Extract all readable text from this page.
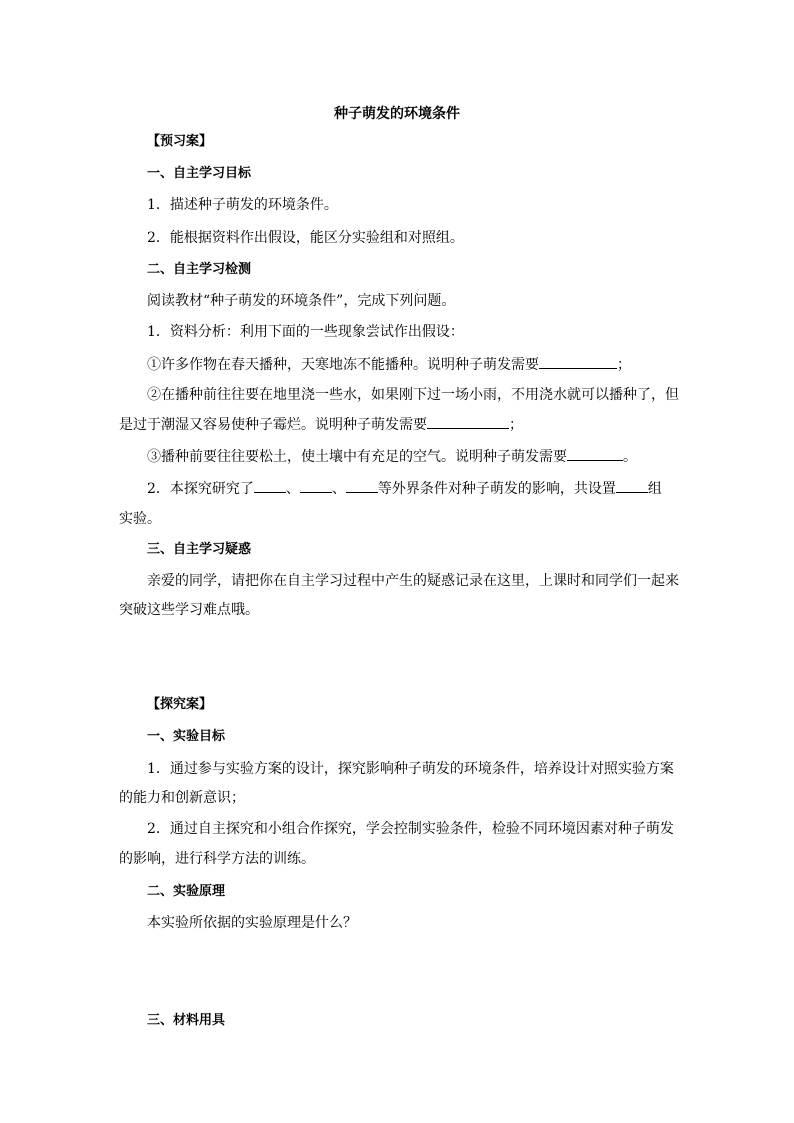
种子萌发的环境条件
【预习案】
一、自主学习目标
1．描述种子萌发的环境条件。
2．能根据资料作出假设，能区分实验组和对照组。
二、自主学习检测
阅读教材“种子萌发的环境条件”，完成下列问题。
1．资料分析：利用下面的一些现象尝试作出假设：
①许多作物在春天播种，天寒地冻不能播种。说明种子萌发需要	；
②在播种前往往要在地里浇一些水，如果刚下过一场小雨，不用浇水就可以播种了，但
是过于潮湿又容易使种子霉烂。说明种子萌发需要	；
③播种前要往往要松土，使土壤中有充足的空气。说明种子萌发需要	。
2．本探究研究了 、 、 等外界条件对种子萌发的影响，共设置 组
实验。
三、自主学习疑惑
亲爱的同学，请把你在自主学习过程中产生的疑惑记录在这里，上课时和同学们一起来
突破这些学习难点哦。
【探究案】
一、实验目标
1．通过参与实验方案的设计，探究影响种子萌发的环境条件，培养设计对照实验方案
的能力和创新意识；
2．通过自主探究和小组合作探究，学会控制实验条件，检验不同环境因素对种子萌发
的影响，进行科学方法的训练。
二、实验原理
本实验所依据的实验原理是什么？
三、材料用具
